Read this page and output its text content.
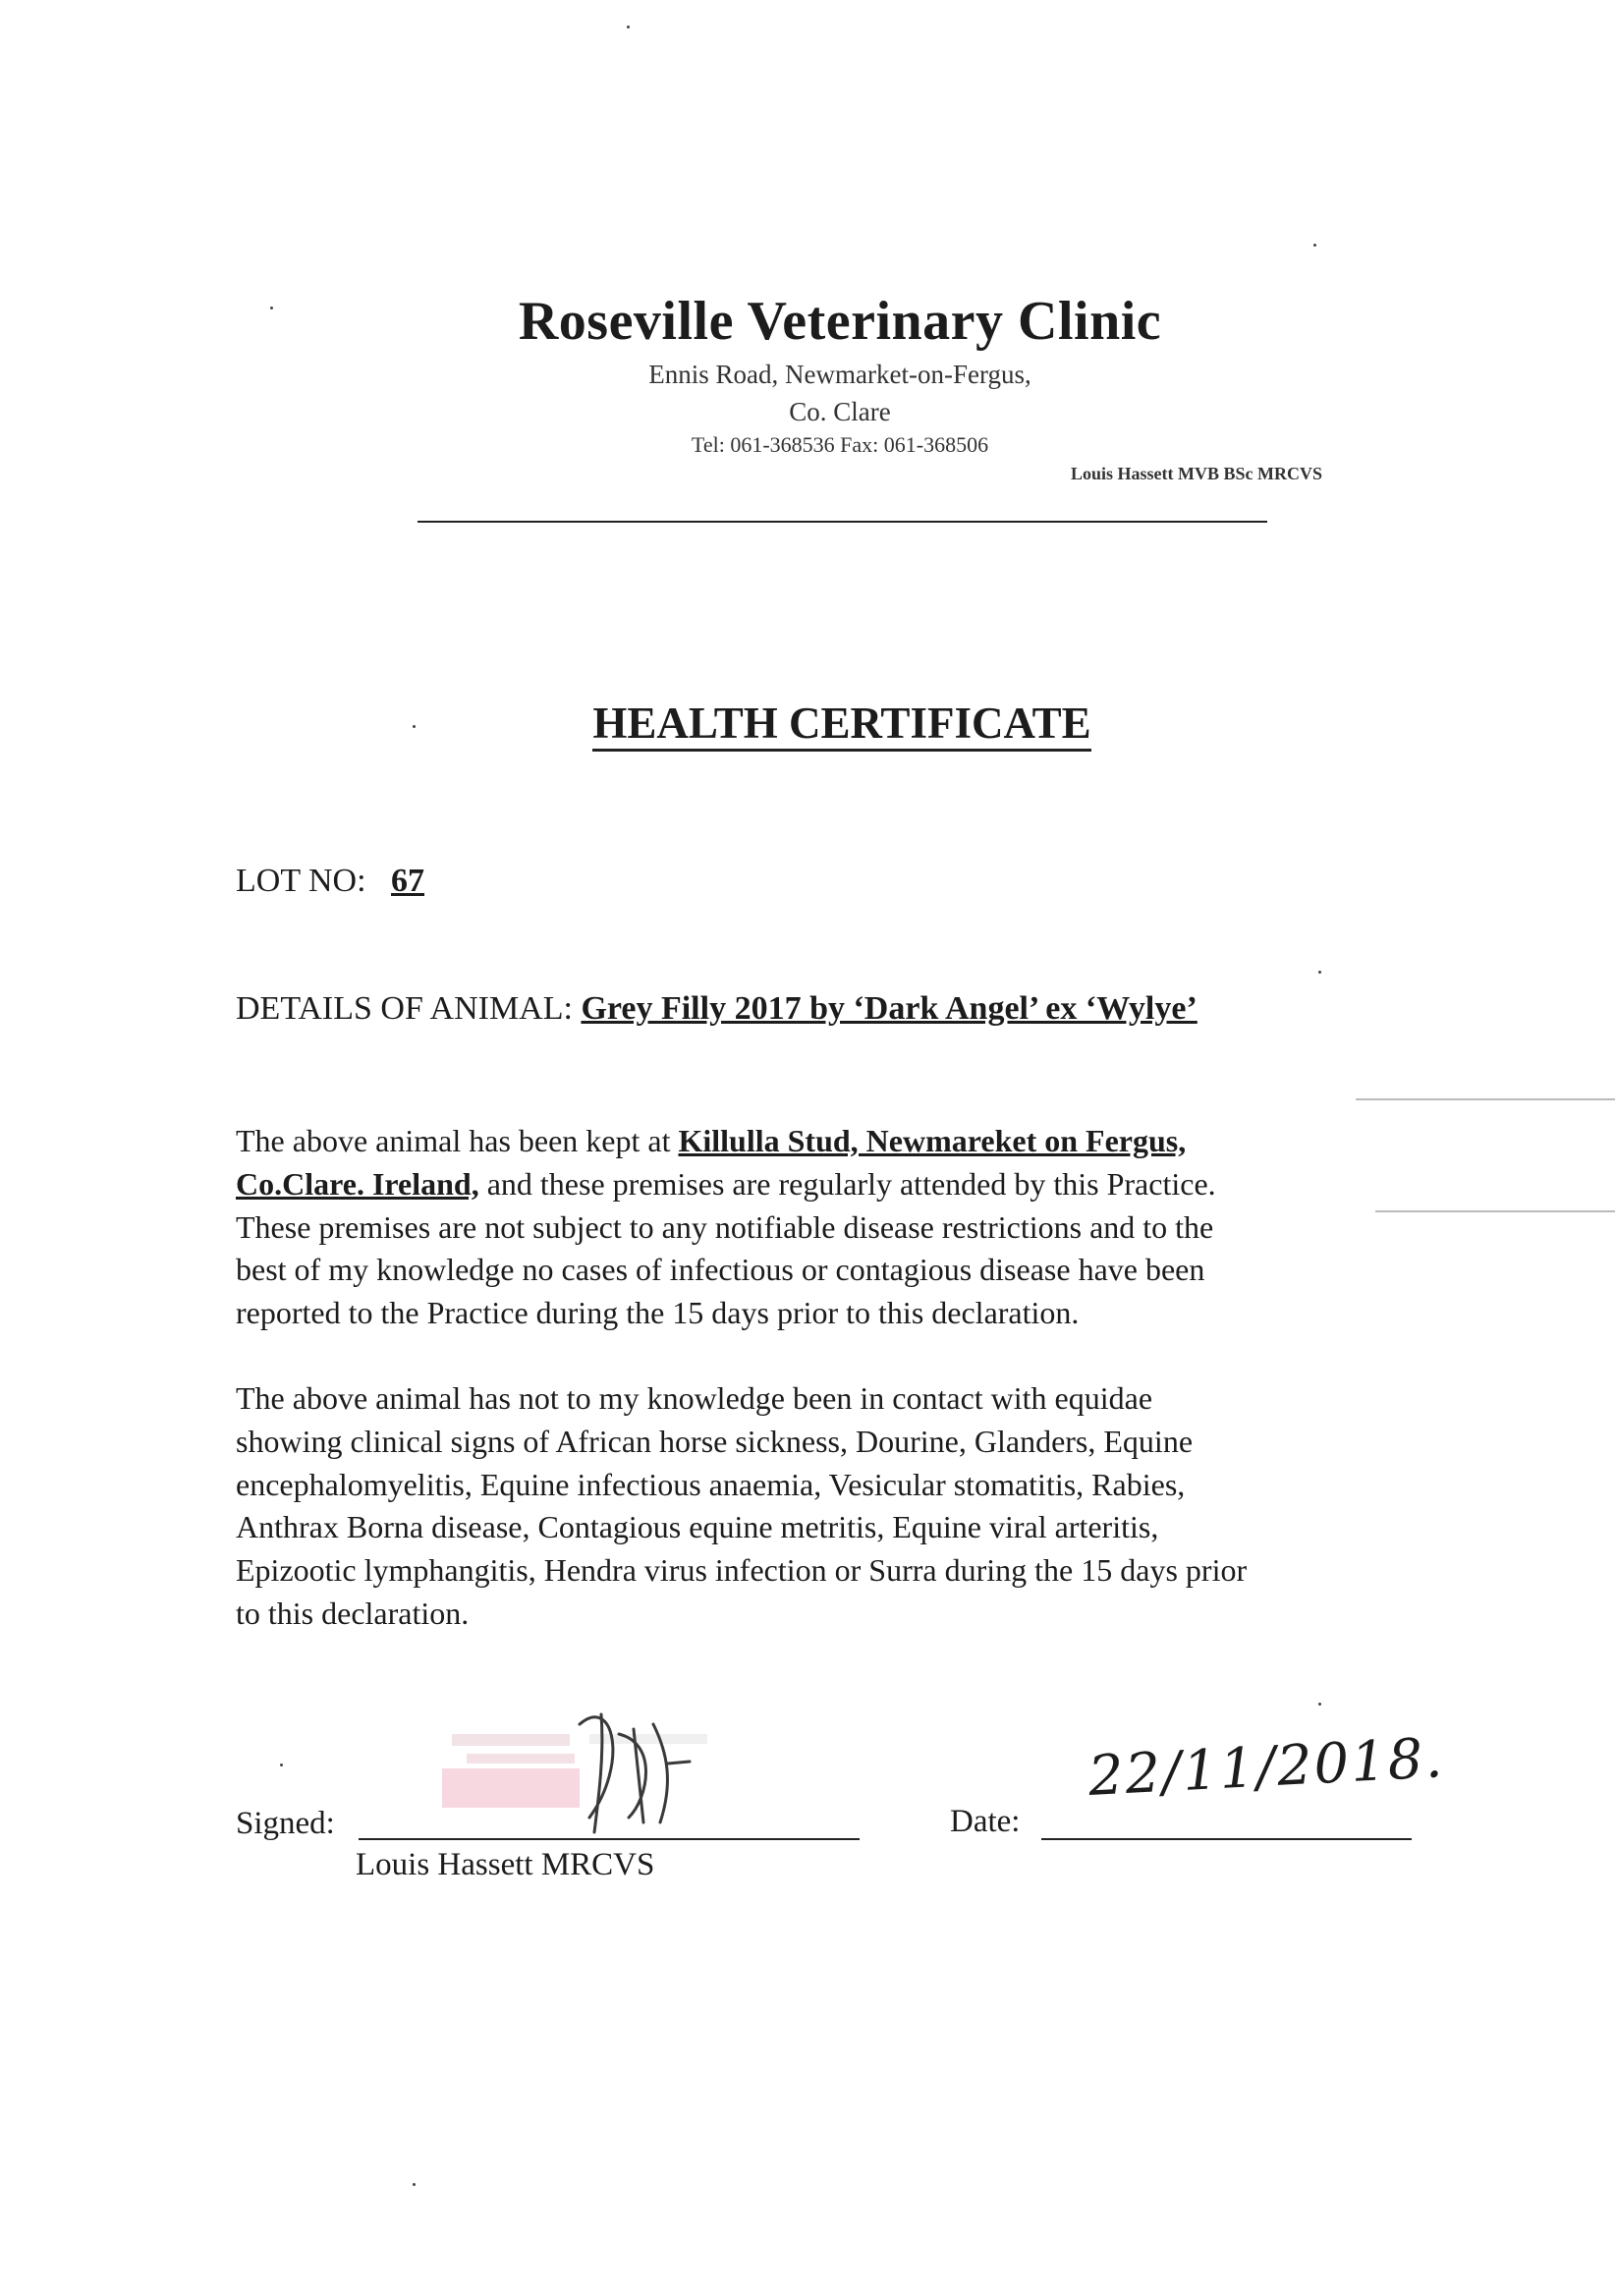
Roseville Veterinary Clinic
Ennis Road, Newmarket-on-Fergus,
Co. Clare
Tel: 061-368536 Fax: 061-368506
Louis Hassett MVB BSc MRCVS
HEALTH CERTIFICATE
LOT NO: 67
DETAILS OF ANIMAL: Grey Filly 2017 by ‘Dark Angel’ ex ‘Wylye’

The above animal has been kept at Killulla Stud, Newmareket on Fergus,

Co.Clare. Ireland, and these premises are regularly attended by this Practice.

These premises are not subject to any notifiable disease restrictions and to the

best of my knowledge no cases of infectious or contagious disease have been

reported to the Practice during the 15 days prior to this declaration.

The above animal has not to my knowledge been in contact with equidae

showing clinical signs of African horse sickness, Dourine, Glanders, Equine

encephalomyelitis, Equine infectious anaemia, Vesicular stomatitis, Rabies,

Anthrax Borna disease, Contagious equine metritis, Equine viral arteritis,

Epizootic lymphangitis, Hendra virus infection or Surra during the 15 days prior

to this declaration.

Signed:
Louis Hassett MRCVS
Date:
22/11/2018.
